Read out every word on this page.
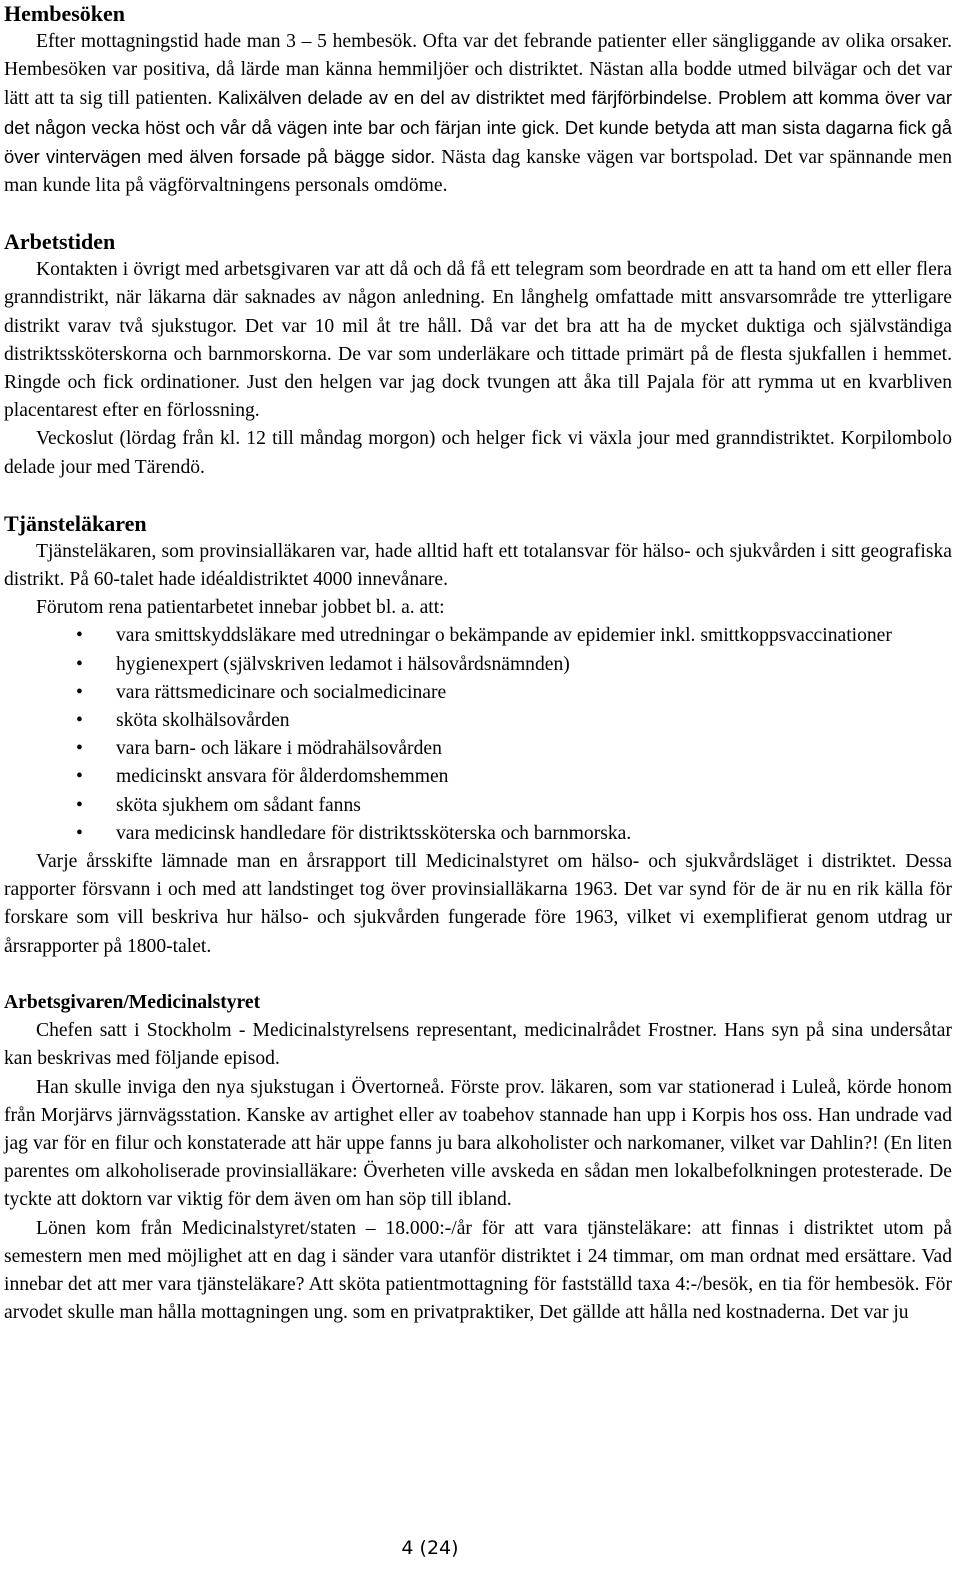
Hembesöken

Efter mottagningstid hade man 3 – 5 hembesök. Ofta var det febrande patienter eller sängliggande av olika orsaker. Hembesöken var positiva, då lärde man känna hemmiljöer och distriktet. Nästan alla bodde utmed bilvägar och det var lätt att ta sig till patienten. Kalixälven delade av en del av distriktet med färjförbindelse. Problem att komma över var det någon vecka höst och vår då vägen inte bar och färjan inte gick. Det kunde betyda att man sista dagarna fick gå över vintervägen med älven forsade på bägge sidor. Nästa dag kanske vägen var bortspolad. Det var spännande men man kunde lita på vägförvaltningens personals omdöme.

Arbetstiden

Kontakten i övrigt med arbetsgivaren var att då och då få ett telegram som beordrade en att ta hand om ett eller flera granndistrikt, när läkarna där saknades av någon anledning. En långhelg omfattade mitt ansvarsområde tre ytterligare distrikt varav två sjukstugor. Det var 10 mil åt tre håll. Då var det bra att ha de mycket duktiga och självständiga distriktssköterskorna och barnmorskorna. De var som underläkare och tittade primärt på de flesta sjukfallen i hemmet. Ringde och fick ordinationer. Just den helgen var jag dock tvungen att åka till Pajala för att rymma ut en kvarbliven placentarest efter en förlossning.

Veckoslut (lördag från kl. 12 till måndag morgon) och helger fick vi växla jour med granndistriktet. Korpilombolo delade jour med Tärendö.

Tjänsteläkaren

Tjänsteläkaren, som provinsialläkaren var, hade alltid haft ett totalansvar för hälso- och sjukvården i sitt geografiska distrikt. På 60-talet hade idéaldistriktet 4000 innevånare.

Förutom rena patientarbetet innebar jobbet bl. a. att:

• vara smittskyddsläkare med utredningar o bekämpande av epidemier inkl. smittkoppsvaccinationer
• hygienexpert (självskriven ledamot i hälsovårdsnämnden)
• vara rättsmedicinare och socialmedicinare
• sköta skolhälsovården
• vara barn- och läkare i mödrahälsovården
• medicinskt ansvara för ålderdomshemmen
• sköta sjukhem om sådant fanns
• vara medicinsk handledare för distriktssköterska och barnmorska.

Varje årsskifte lämnade man en årsrapport till Medicinalstyret om hälso- och sjukvårdsläget i distriktet. Dessa rapporter försvann i och med att landstinget tog över provinsialläkarna 1963. Det var synd för de är nu en rik källa för forskare som vill beskriva hur hälso- och sjukvården fungerade före 1963, vilket vi exemplifierat genom utdrag ur årsrapporter på 1800-talet.

Arbetsgivaren/Medicinalstyret

Chefen satt i Stockholm - Medicinalstyrelsens representant, medicinalrådet Frostner. Hans syn på sina undersåtar kan beskrivas med följande episod.

Han skulle inviga den nya sjukstugan i Övertorneå. Förste prov. läkaren, som var stationerad i Luleå, körde honom från Morjärvs järnvägsstation. Kanske av artighet eller av toabehov stannade han upp i Korpis hos oss. Han undrade vad jag var för en filur och konstaterade att här uppe fanns ju bara alkoholister och narkomaner, vilket var Dahlin?! (En liten parentes om alkoholiserade provinsialläkare: Överheten ville avskeda en sådan men lokalbefolkningen protesterade. De tyckte att doktorn var viktig för dem även om han söp till ibland.

Lönen kom från Medicinalstyret/staten – 18.000:-/år för att vara tjänsteläkare: att finnas i distriktet utom på semestern men med möjlighet att en dag i sänder vara utanför distriktet i 24 timmar, om man ordnat med ersättare. Vad innebar det att mer vara tjänsteläkare? Att sköta patientmottagning för fastställd taxa 4:-/besök, en tia för hembesök. För arvodet skulle man hålla mottagningen ung. som en privatpraktiker, Det gällde att hålla ned kostnaderna. Det var ju

4 (24)
